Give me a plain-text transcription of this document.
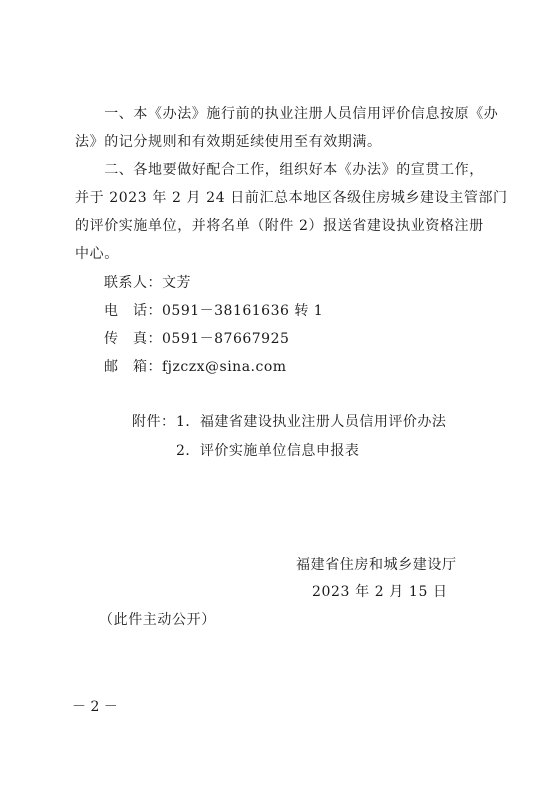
　　一、本《办法》施行前的执业注册人员信用评价信息按原《办
法》的记分规则和有效期延续使用至有效期满。
　　二、各地要做好配合工作，组织好本《办法》的宣贯工作，
并于 2023 年 2 月 24 日前汇总本地区各级住房城乡建设主管部门
的评价实施单位，并将名单（附件 2）报送省建设执业资格注册
中心。
联系人：文芳
电　话：0591－38161636 转 1
传　真：0591－87667925
邮　箱：fjzczx@sina.com
附件： 1．福建省建设执业注册人员信用评价办法
2．评价实施单位信息申报表
福建省住房和城乡建设厅
2023 年 2 月 15 日
（此件主动公开）
－ 2 －
